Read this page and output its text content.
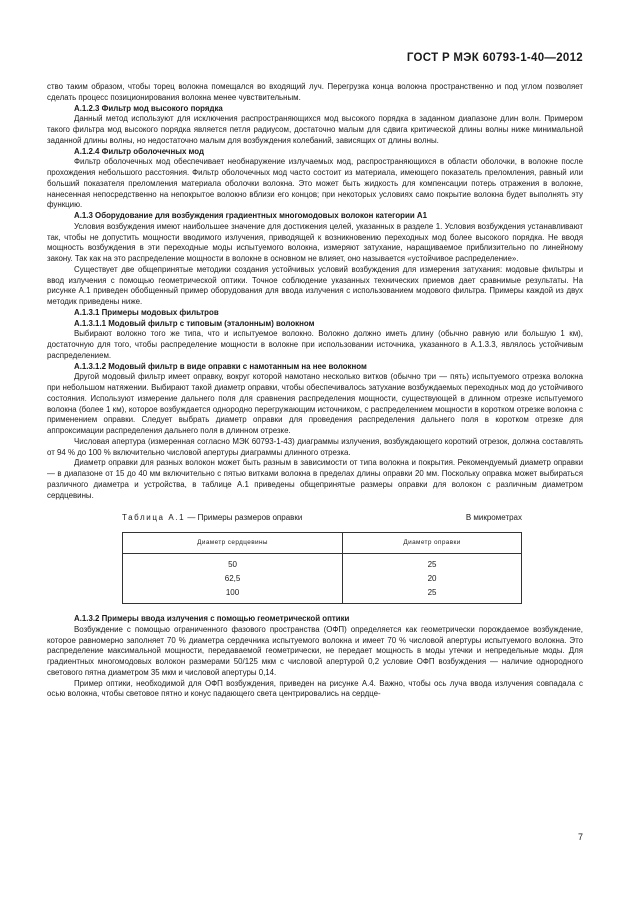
ГОСТ Р МЭК 60793-1-40—2012

ство таким образом, чтобы торец волокна помещался во входящий луч. Перегрузка конца волокна пространственно и под углом позволяет сделать процесс позиционирования волокна менее чувствительным.

А.1.2.3 Фильтр мод высокого порядка

Данный метод используют для исключения распространяющихся мод высокого порядка в заданном диапазоне длин волн. Примером такого фильтра мод высокого порядка является петля радиусом, достаточно малым для сдвига критической длины волны ниже минимальной заданной длины волны, но недостаточно малым для возбуждения колебаний, зависящих от длины волны.

А.1.2.4 Фильтр оболочечных мод

Фильтр оболочечных мод обеспечивает необнаружение излучаемых мод, распространяющихся в области оболочки, в волокне после прохождения небольшого расстояния. Фильтр оболочечных мод часто состоит из материала, имеющего показатель преломления, равный или больший показателя преломления материала оболочки волокна. Это может быть жидкость для компенсации потерь отражения в волокне, нанесенная непосредственно на непокрытое волокно вблизи его концов; при некоторых условиях само покрытие волокна будет выполнять эту функцию.

А.1.3 Оборудование для возбуждения градиентных многомодовых волокон категории А1

Условия возбуждения имеют наибольшее значение для достижения целей, указанных в разделе 1. Условия возбуждения устанавливают так, чтобы не допустить мощности вводимого излучения, приводящей к возникновению переходных мод более высокого порядка. Не вводя мощность возбуждения в эти переходные моды испытуемого волокна, измеряют затухание, наращиваемое приблизительно по линейному закону. Так как на это распределение мощности в волокне в основном не влияет, оно называется «устойчивое распределение».

Существует две общепринятые методики создания устойчивых условий возбуждения для измерения затухания: модовые фильтры и ввод излучения с помощью геометрической оптики. Точное соблюдение указанных технических приемов дает сравнимые результаты. На рисунке А.1 приведен обобщенный пример оборудования для ввода излучения с использованием модового фильтра. Примеры каждой из двух методик приведены ниже.

А.1.3.1 Примеры модовых фильтров
А.1.3.1.1 Модовый фильтр с типовым (эталонным) волокном

Выбирают волокно того же типа, что и испытуемое волокно. Волокно должно иметь длину (обычно равную или большую 1 км), достаточную для того, чтобы распределение мощности в волокне при использовании источника, указанного в А.1.3.3, являлось устойчивым распределением.

А.1.3.1.2 Модовый фильтр в виде оправки с намотанным на нее волокном

Другой модовый фильтр имеет оправку, вокруг которой намотано несколько витков (обычно три — пять) испытуемого отрезка волокна при небольшом натяжении. Выбирают такой диаметр оправки, чтобы обеспечивалось затухание возбуждаемых переходных мод до устойчивого состояния. Используют измерение дальнего поля для сравнения распределения мощности, существующей в длинном отрезке испытуемого волокна (более 1 км), которое возбуждается однородно перегружающим источником, с распределением мощности в коротком отрезке волокна с применением оправки. Следует выбрать диаметр оправки для проведения распределения дальнего поля в коротком отрезке для аппроксимации распределения дальнего поля в длинном отрезке.

Числовая апертура (измеренная согласно МЭК 60793-1-43) диаграммы излучения, возбуждающего короткий отрезок, должна составлять от 94 % до 100 % включительно числовой апертуры диаграммы длинного отрезка.

Диаметр оправки для разных волокон может быть разным в зависимости от типа волокна и покрытия. Рекомендуемый диаметр оправки — в диапазоне от 15 до 40 мм включительно с пятью витками волокна в пределах длины оправки 20 мм. Поскольку оправка может выбираться различного диаметра и устройства, в таблице А.1 приведены общепринятые размеры оправки для волокон с различным диаметром сердцевины.

Таблица А.1 — Примеры размеров оправки	В микрометрах
Диаметр сердцевины	Диаметр оправки
50	25
62,5	20
100	25
А.1.3.2 Примеры ввода излучения с помощью геометрической оптики

Возбуждение с помощью ограниченного фазового пространства (ОФП) определяется как геометрически порождаемое возбуждение, которое равномерно заполняет 70 % диаметра сердечника испытуемого волокна и имеет 70 % числовой апертуры испытуемого волокна. Это распределение максимальной мощности, передаваемой геометрически, не передает мощность в моды утечки и непредельные моды. Для градиентных многомодовых волокон размерами 50/125 мкм с числовой апертурой 0,2 условие ОФП возбуждения — наличие однородного светового пятна диаметром 35 мкм и числовой апертуры 0,14.

Пример оптики, необходимой для ОФП возбуждения, приведен на рисунке А.4. Важно, чтобы ось луча ввода излучения совпадала с осью волокна, чтобы световое пятно и конус падающего света центрировались на сердце-

7
